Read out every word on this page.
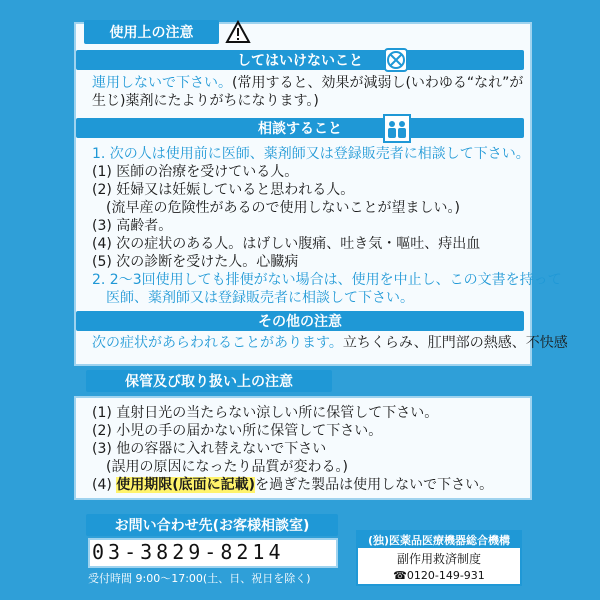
使用上の注意
してはいけないこと
連用しないで下さい。(常用すると、効果が減弱し(いわゆる“なれ”が
生じ)薬剤にたよりがちになります。)
相談すること
1. 次の人は使用前に医師、薬剤師又は登録販売者に相談して下さい。
(1) 医師の治療を受けている人。
(2) 妊婦又は妊娠していると思われる人。
　(流早産の危険性があるので使用しないことが望ましい。)
(3) 高齢者。
(4) 次の症状のある人。はげしい腹痛、吐き気・嘔吐、痔出血
(5) 次の診断を受けた人。心臓病
2. 2～3回使用しても排便がない場合は、使用を中止し、この文書を持って
　医師、薬剤師又は登録販売者に相談して下さい。
その他の注意
次の症状があらわれることがあります。立ちくらみ、肛門部の熱感、不快感
保管及び取り扱い上の注意
(1) 直射日光の当たらない涼しい所に保管して下さい。
(2) 小児の手の届かない所に保管して下さい。
(3) 他の容器に入れ替えないで下さい
　(誤用の原因になったり品質が変わる。)
(4) 使用期限(底面に記載)を過ぎた製品は使用しないで下さい。
お問い合わせ先(お客様相談室)
03-3829-8214
受付時間 9:00～17:00(土、日、祝日を除く)
(独)医薬品医療機器総合機構
副作用救済制度
☎0120-149-931
